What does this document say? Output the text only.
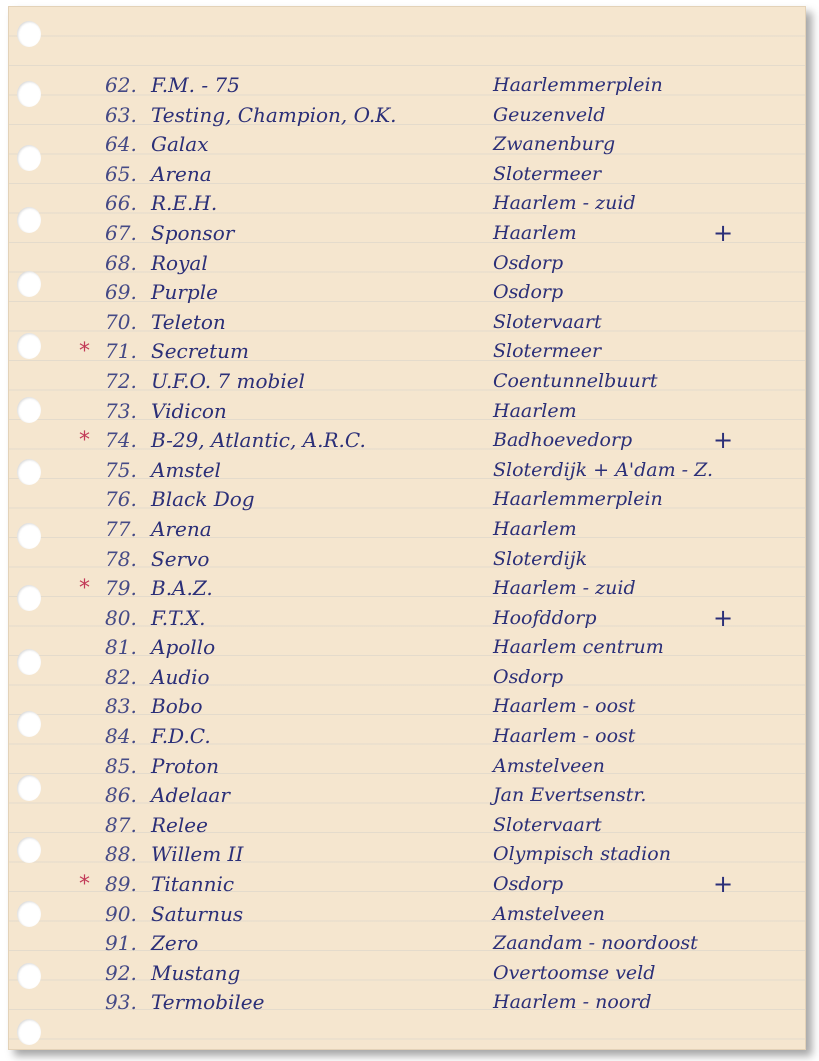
62. F.M. - 75	Haarlemmerplein
63. Testing, Champion, O.K.	Geuzenveld
64. Galax	Zwanenburg
65. Arena	Slotermeer
66. R.E.H.	Haarlem - zuid
67. Sponsor	Haarlem	+
68. Royal	Osdorp
69. Purple	Osdorp
70. Teleton	Slotervaart
* 71. Secretum	Slotermeer
72. U.F.O. 7 mobiel	Coentunnelbuurt
73. Vidicon	Haarlem
* 74. B-29, Atlantic, A.R.C.	Badhoevedorp	+
75. Amstel	Sloterdijk + A'dam - Z.
76. Black Dog	Haarlemmerplein
77. Arena	Haarlem
78. Servo	Sloterdijk
* 79. B.A.Z.	Haarlem - zuid
80. F.T.X.	Hoofddorp	+
81. Apollo	Haarlem centrum
82. Audio	Osdorp
83. Bobo	Haarlem - oost
84. F.D.C.	Haarlem - oost
85. Proton	Amstelveen
86. Adelaar	Jan Evertsenstr.
87. Relee	Slotervaart
88. Willem II	Olympisch stadion
* 89. Titannic	Osdorp	+
90. Saturnus	Amstelveen
91. Zero	Zaandam - noordoost
92. Mustang	Overtoomse veld
93. Termobilee	Haarlem - noord
